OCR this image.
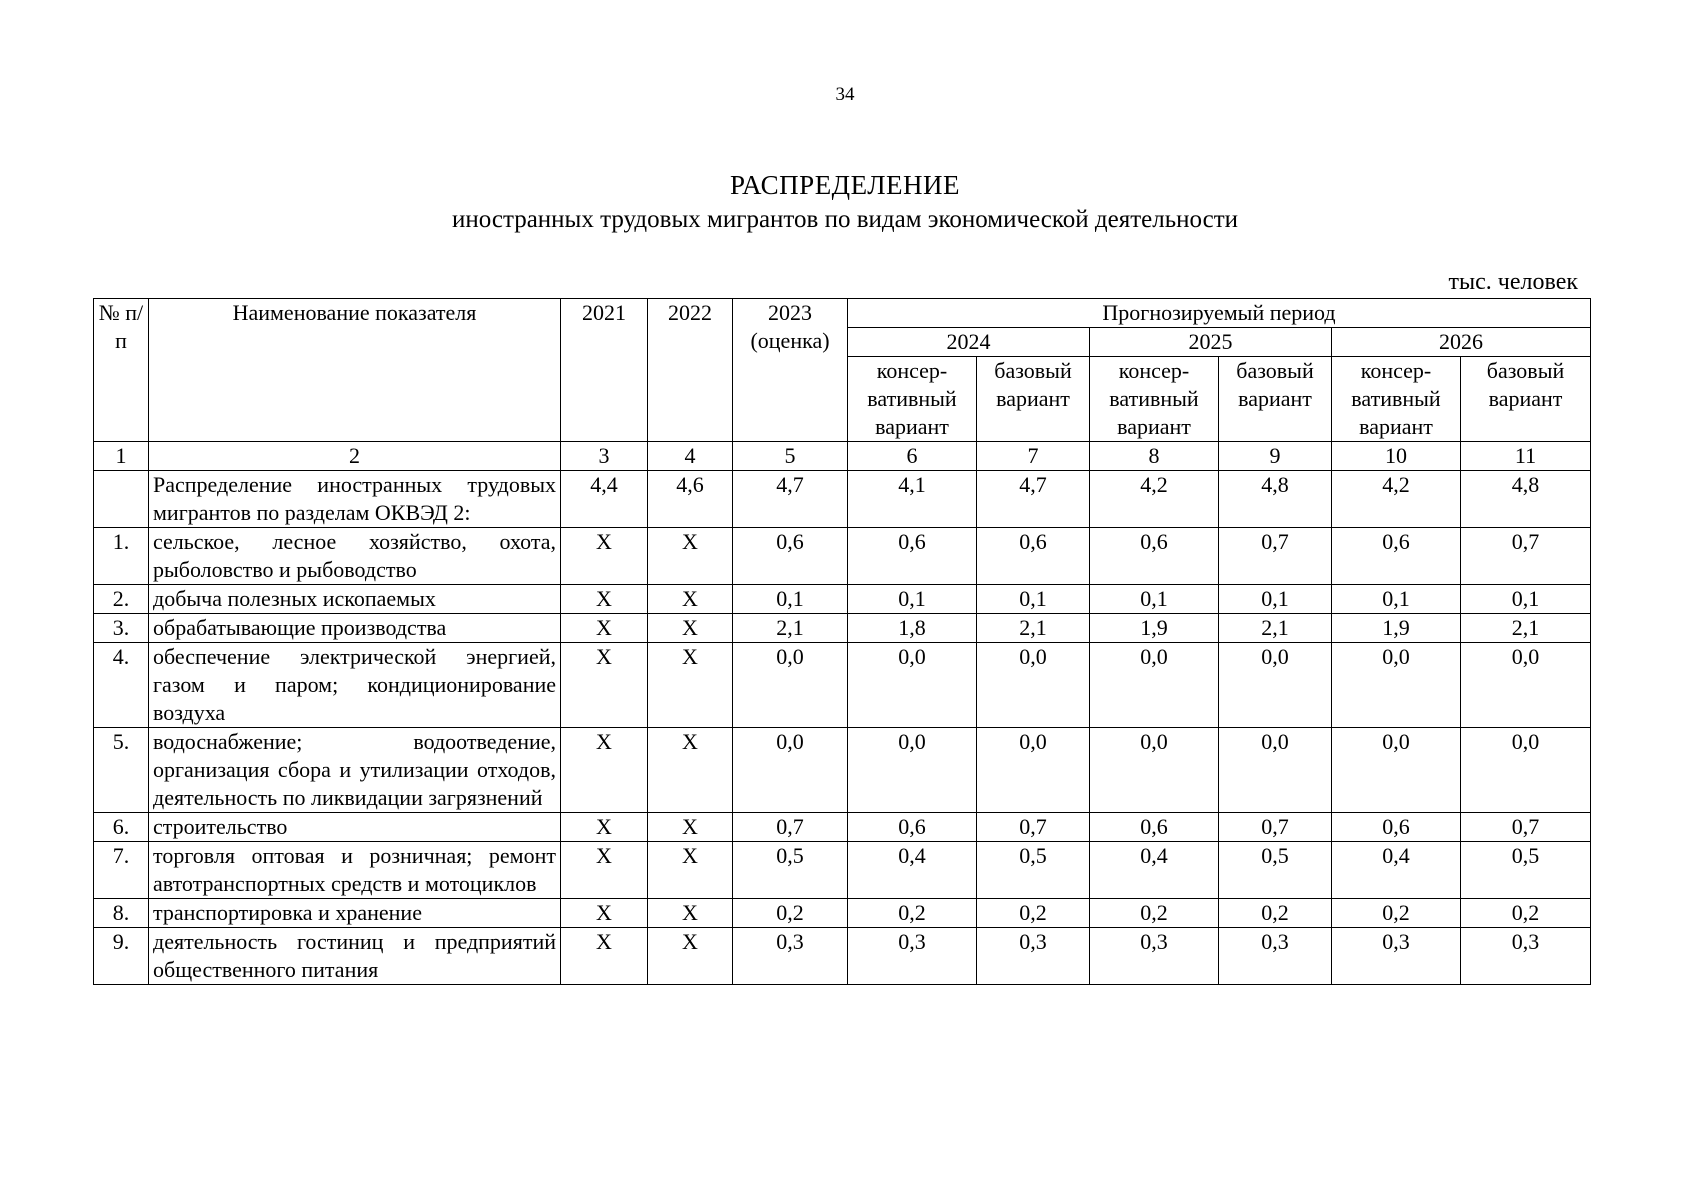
34
РАСПРЕДЕЛЕНИЕ
иностранных трудовых мигрантов по видам экономической деятельности
тыс. человек
№ п/п	Наименование показателя	2021	2022	2023 (оценка)	Прогнозируемый период					
					2024		2025		2026	
					консер- вативный вариант	базовый вариант	консер- вативный вариант	базовый вариант	консер- вативный вариант	базовый вариант
1	2	3	4	5	6	7	8	9	10	11
	Распределение иностранных трудовых мигрантов по разделам ОКВЭД 2:	4,4	4,6	4,7	4,1	4,7	4,2	4,8	4,2	4,8
1.	сельское, лесное хозяйство, охота, рыболовство и рыбоводство	X	X	0,6	0,6	0,6	0,6	0,7	0,6	0,7
2.	добыча полезных ископаемых	X	X	0,1	0,1	0,1	0,1	0,1	0,1	0,1
3.	обрабатывающие производства	X	X	2,1	1,8	2,1	1,9	2,1	1,9	2,1
4.	обеспечение электрической энергией, газом и паром; кондиционирование воздуха	X	X	0,0	0,0	0,0	0,0	0,0	0,0	0,0
5.	водоснабжение; водоотведение, организация сбора и утилизации отходов, деятельность по ликвидации загрязнений	X	X	0,0	0,0	0,0	0,0	0,0	0,0	0,0
6.	строительство	X	X	0,7	0,6	0,7	0,6	0,7	0,6	0,7
7.	торговля оптовая и розничная; ремонт автотранспортных средств и мотоциклов	X	X	0,5	0,4	0,5	0,4	0,5	0,4	0,5
8.	транспортировка и хранение	X	X	0,2	0,2	0,2	0,2	0,2	0,2	0,2
9.	деятельность гостиниц и предприятий общественного питания	X	X	0,3	0,3	0,3	0,3	0,3	0,3	0,3
